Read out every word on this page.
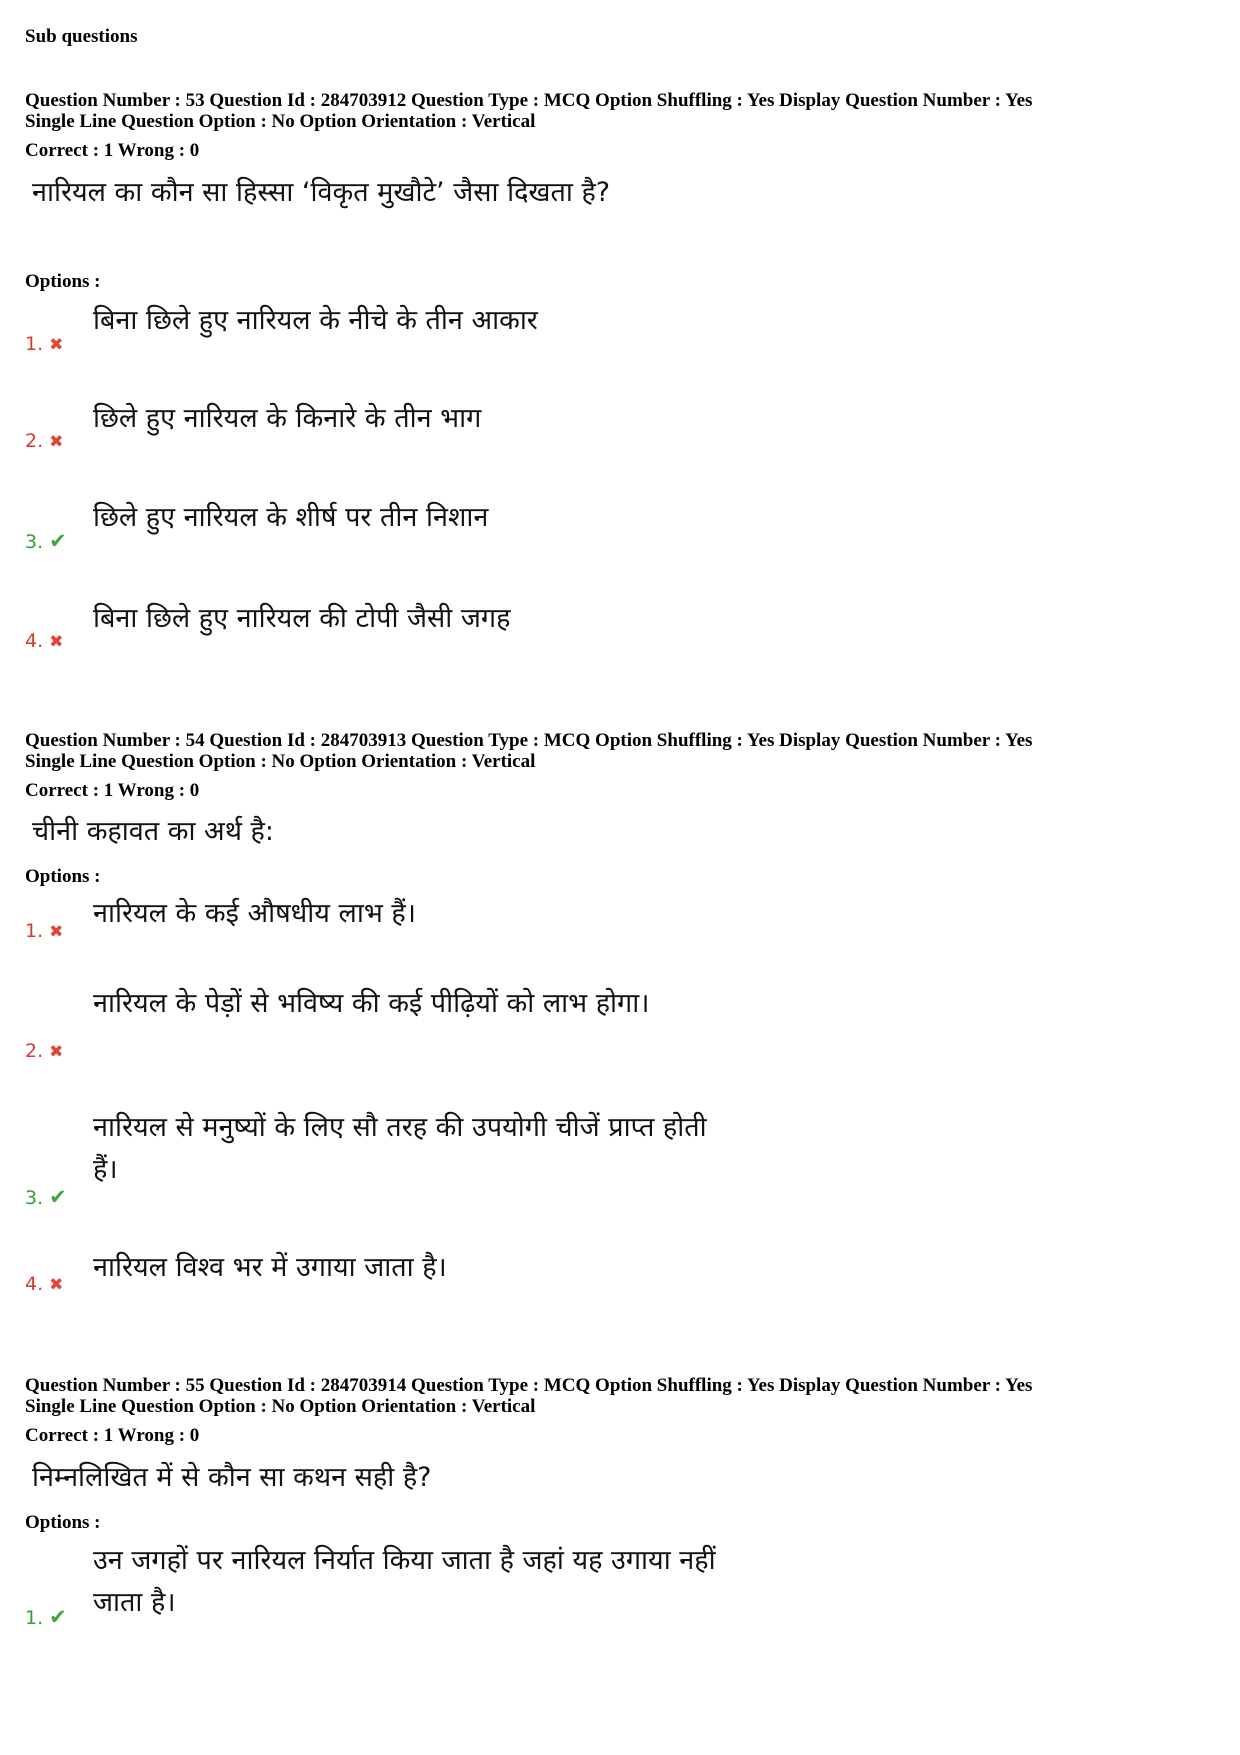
Sub questions
Question Number : 53 Question Id : 284703912 Question Type : MCQ Option Shuffling : Yes Display Question Number : Yes
Single Line Question Option : No Option Orientation : Vertical
Correct : 1 Wrong : 0
नारियल का कौन सा हिस्सा ‘विकृत मुखौटे’ जैसा दिखता है?
Options :
1. ✖
बिना छिले हुए नारियल के नीचे के तीन आकार
2. ✖
छिले हुए नारियल के किनारे के तीन भाग
3. ✔
छिले हुए नारियल के शीर्ष पर तीन निशान
4. ✖
बिना छिले हुए नारियल की टोपी जैसी जगह
Question Number : 54 Question Id : 284703913 Question Type : MCQ Option Shuffling : Yes Display Question Number : Yes
Single Line Question Option : No Option Orientation : Vertical
Correct : 1 Wrong : 0
चीनी कहावत का अर्थ है:
Options :
1. ✖
नारियल के कई औषधीय लाभ हैं।
2. ✖
नारियल के पेड़ों से भविष्य की कई पीढ़ियों को लाभ होगा।
3. ✔
नारियल से मनुष्यों के लिए सौ तरह की उपयोगी चीजें प्राप्त होती हैं।
4. ✖
नारियल विश्व भर में उगाया जाता है।
Question Number : 55 Question Id : 284703914 Question Type : MCQ Option Shuffling : Yes Display Question Number : Yes
Single Line Question Option : No Option Orientation : Vertical
Correct : 1 Wrong : 0
निम्नलिखित में से कौन सा कथन सही है?
Options :
1. ✔
उन जगहों पर नारियल निर्यात किया जाता है जहां यह उगाया नहीं जाता है।
